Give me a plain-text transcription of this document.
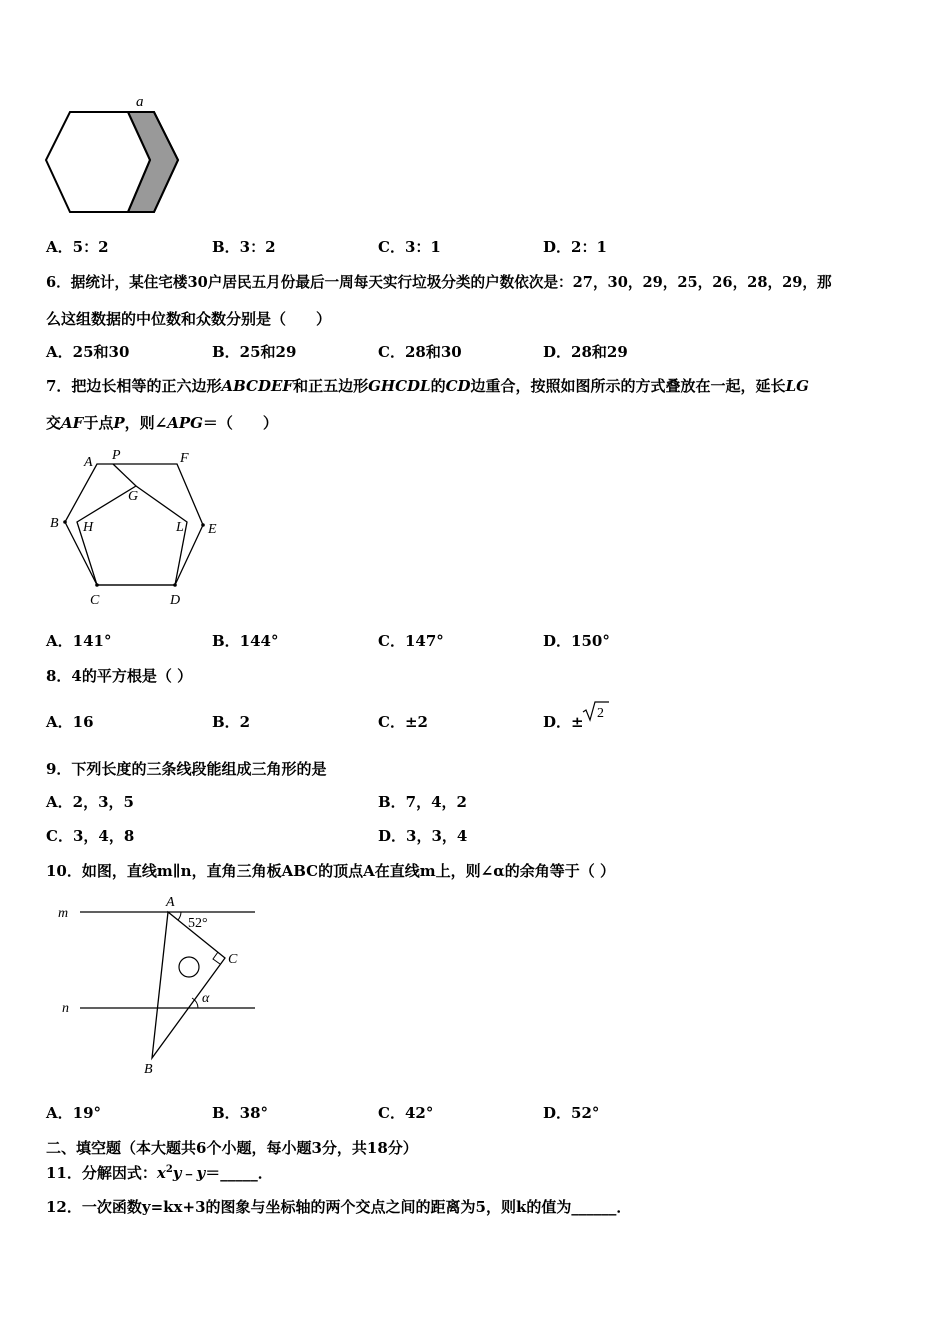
a
A．5：2	B．3：2	C．3：1	D．2：1
6．据统计，某住宅楼30户居民五月份最后一周每天实行垃圾分类的户数依次是：27，30，29，25，26，28，29，那
么这组数据的中位数和众数分别是（　　）
A．25和30	B．25和29	C．28和30	D．28和29
7．把边长相等的正六边形ABCDEF和正五边形GHCDL的CD边重合，按照如图所示的方式叠放在一起，延长LG
交AF于点P，则∠APG＝（　　）
A P	F
G
B H	L E
C	D
A．141°	B．144°	C．147°	D．150°
8．4的平方根是（ ）
A．16	B．2	C．±2	D．± 2
9．下列长度的三条线段能组成三角形的是
A．2，3，5	B．7，4，2
C．3，4，8	D．3，3，4
10．如图，直线m∥n，直角三角板ABC的顶点A在直线m上，则∠α的余角等于（ ）
m
n
A
52°
C
α
B
A．19°	B．38°	C．42°	D．52°
二、填空题（本大题共6个小题，每小题3分，共18分）
11．分解因式：$x^2y﹣y=\_\_\_\_\_$．
12．一次函数y=kx+3的图象与坐标轴的两个交点之间的距离为5，则k的值为______．
